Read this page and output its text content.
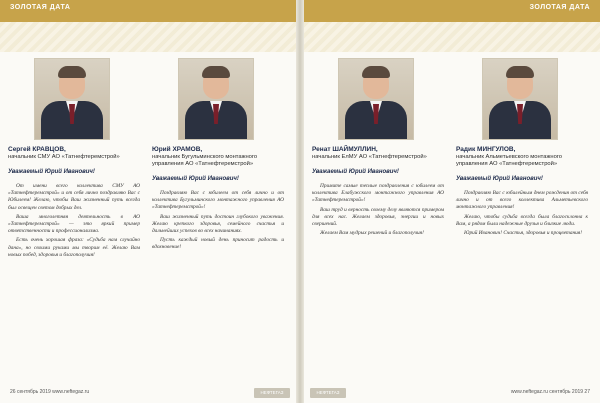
ЗОЛОТАЯ ДАТА
Сергей КРАВЦОВ,
начальник СМУ АО «Татнефтеремстрой»
Уважаемый Юрий Иванович!

От имени всего коллектива СМУ АО «Татнефтеремстрой» и от себя лично поздравляю Вас с Юбилеем! Желаю, чтобы Ваш жизненный путь всегда был освещен светом добрых дел.

Ваша многолетняя деятельность в АО «Татнефтеремстрой» — это яркий пример ответственности и профессионализма.

Есть очень хорошая фраза: «Судьба нам случайно дана», но своими руками мы творим её. Желаю Вам новых побед, здоровья и благополучия!

Юрий ХРАМОВ,
начальник Бугульминского монтажного управления АО «Татнефтеремстрой»
Уважаемый Юрий Иванович!

Поздравляю Вас с юбилеем от себя лично и от коллектива Бугульминского монтажного управления АО «Татнефтеремстрой»!

Ваш жизненный путь достоин глубокого уважения. Желаю крепкого здоровья, семейного счастья и дальнейших успехов во всех начинаниях.

Пусть каждый новый день приносит радость и вдохновение!

26 сентябрь 2019 www.neftegaz.ru	НЕФТЕГАЗ
ЗОЛОТАЯ ДАТА
Ренат ШАЙМУЛЛИН,
начальник ЕлМУ АО «Татнефтеремстрой»
Уважаемый Юрий Иванович!

Примите самые теплые поздравления с юбилеем от коллектива Елабужского монтажного управления АО «Татнефтеремстрой»!

Ваш труд и верность своему делу являются примером для всех нас. Желаем здоровья, энергии и новых свершений.

Желаем Вам мудрых решений и благополучия!

Радик МИНГУЛОВ,
начальник Альметьевского монтажного управления АО «Татнефтеремстрой»
Уважаемый Юрий Иванович!

Поздравляю Вас с юбилейным днем рождения от себя лично и от всего коллектива Альметьевского монтажного управления!

Желаю, чтобы судьба всегда была благосклонна к Вам, а рядом были надежные друзья и близкие люди.

Юрий Иванович! Счастья, здоровья и процветания!

www.neftegaz.ru сентябрь 2019 27
НЕФТЕГАЗ
